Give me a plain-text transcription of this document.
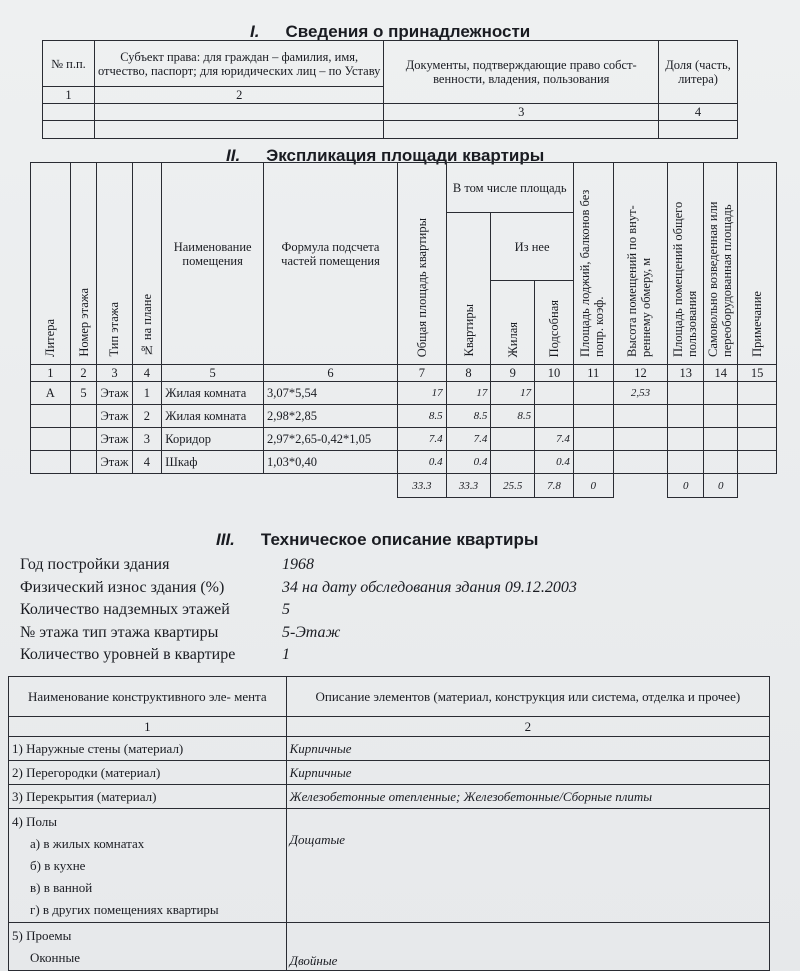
I. Сведения о принадлежности
№ п.п.	Субъект права: для граждан – фамилия, имя, отчество, паспорт; для юридических лиц – по Уставу	Документы, подтверждающие право собст- венности, владения, пользования	Доля (часть, литера)
1	2		
		3	4

II. Экспликация площади квартиры
Литера	Номер этажа	Тип этажа	№ на плане	Наименование помещения	Формула подсчета частей помещения	Общая площадь квартиры	В том числе площадь			Площадь лоджий, балконов без попр. коэф.	Высота помещений по внут- реннему обмеру, м	Площадь помещений общего пользования	Самовольно возведенная или переоборудованная площадь	Примечание
							Квартиры	Из нее						
								Жилая	Подсобная					
1	2	3	4	5	6	7	8	9	10	11	12	13	14	15
А	5	Этаж	1	Жилая комната	3,07*5,54	17	17	17			2,53			
		Этаж	2	Жилая комната	2,98*2,85	8.5	8.5	8.5						
		Этаж	3	Коридор	2,97*2,65-0,42*1,05	7.4	7.4		7.4					
		Этаж	4	Шкаф	1,03*0,40	0.4	0.4		0.4					
						33.3	33.3	25.5	7.8	0		0	0	
III. Техническое описание квартиры
Год постройки здания	1968
Физический износ здания (%)	34 на дату обследования здания 09.12.2003
Количество надземных этажей	5
№ этажа тип этажа квартиры	5-Этаж
Количество уровней в квартире	1
Наименование конструктивного эле- мента	Описание элементов (материал, конструкция или система, отделка и прочее)
1	2
1) Наружные стены (материал)	Кирпичные
2) Перегородки (материал)	Кирпичные
3) Перекрытия (материал)	Железобетонные отепленные; Железобетонные/Сборные плиты

4) Полы
а) в жилых комнатах
б) в кухне
в) в ванной
г) в других помещениях квартиры	Дощатые

5) Проемы
Оконные	Двойные
